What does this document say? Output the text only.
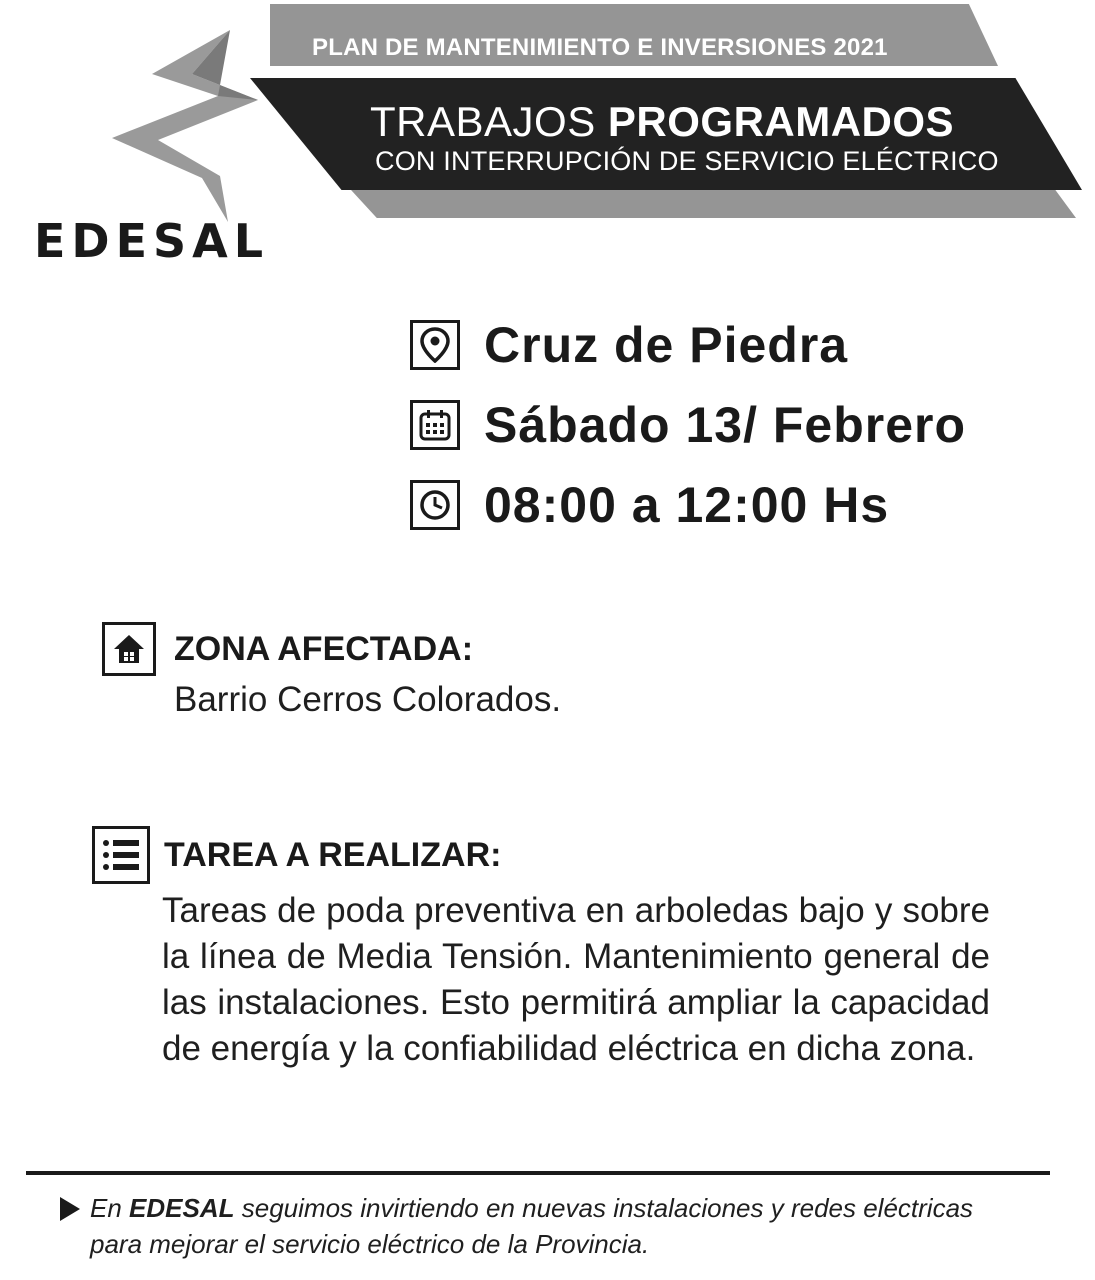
PLAN DE MANTENIMIENTO E INVERSIONES 2021
TRABAJOS PROGRAMADOS
CON INTERRUPCIÓN DE SERVICIO ELÉCTRICO
EDESAL
Cruz de Piedra
Sábado 13/ Febrero
08:00 a 12:00 Hs
ZONA AFECTADA:
Barrio Cerros Colorados.
TAREA A REALIZAR:
Tareas de poda preventiva en arboledas bajo y sobre la línea de Media Tensión. Mantenimiento general de las instalaciones. Esto permitirá ampliar la capacidad de energía y la confiabilidad eléctrica en dicha zona.
En EDESAL seguimos invirtiendo en nuevas instalaciones y redes eléctricas para mejorar el servicio eléctrico de la Provincia.
